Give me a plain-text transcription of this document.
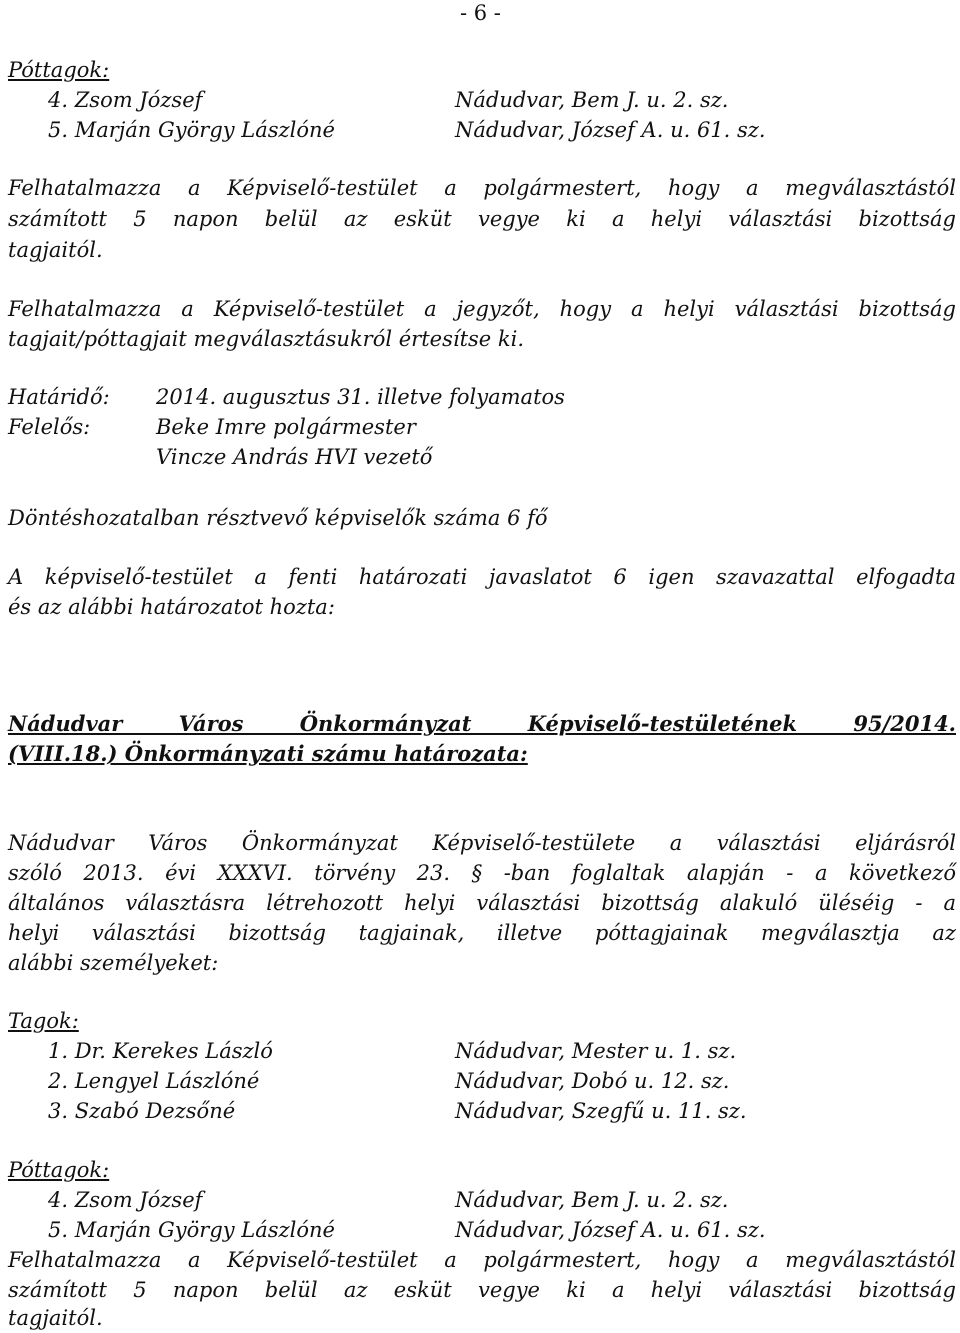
- 6 -
Póttagok:
4. Zsom József	Nádudvar, Bem J. u. 2. sz.
5. Marján György Lászlóné	Nádudvar, József A. u. 61. sz.
Felhatalmazza a Képviselő-testület a polgármestert, hogy a megválasztástól
számított 5 napon belül az esküt vegye ki a helyi választási bizottság
tagjaitól.
Felhatalmazza a Képviselő-testület a jegyzőt, hogy a helyi választási bizottság
tagjait/póttagjait megválasztásukról értesítse ki.
Határidő: 2014. augusztus 31. illetve folyamatos
Felelős:	Beke Imre polgármester
Vincze András HVI vezető
Döntéshozatalban résztvevő képviselők száma 6 fő
A képviselő-testület a fenti határozati javaslatot 6 igen szavazattal elfogadta
és az alábbi határozatot hozta:
Nádudvar Város Önkormányzat Képviselő-testületének 95/2014.
(VIII.18.) Önkormányzati számu határozata:
Nádudvar Város Önkormányzat Képviselő-testülete a választási eljárásról
szóló 2013. évi XXXVI. törvény 23. § -ban foglaltak alapján - a következő
általános választásra létrehozott helyi választási bizottság alakuló üléséig - a
helyi választási bizottság tagjainak, illetve póttagjainak megválasztja az
alábbi személyeket:
Tagok:
1. Dr. Kerekes László	Nádudvar, Mester u. 1. sz.
2. Lengyel Lászlóné	Nádudvar, Dobó u. 12. sz.
3. Szabó Dezsőné	Nádudvar, Szegfű u. 11. sz.
Póttagok:
4. Zsom József	Nádudvar, Bem J. u. 2. sz.
5. Marján György Lászlóné	Nádudvar, József A. u. 61. sz.
Felhatalmazza a Képviselő-testület a polgármestert, hogy a megválasztástól
számított 5 napon belül az esküt vegye ki a helyi választási bizottság
tagjaitól.
